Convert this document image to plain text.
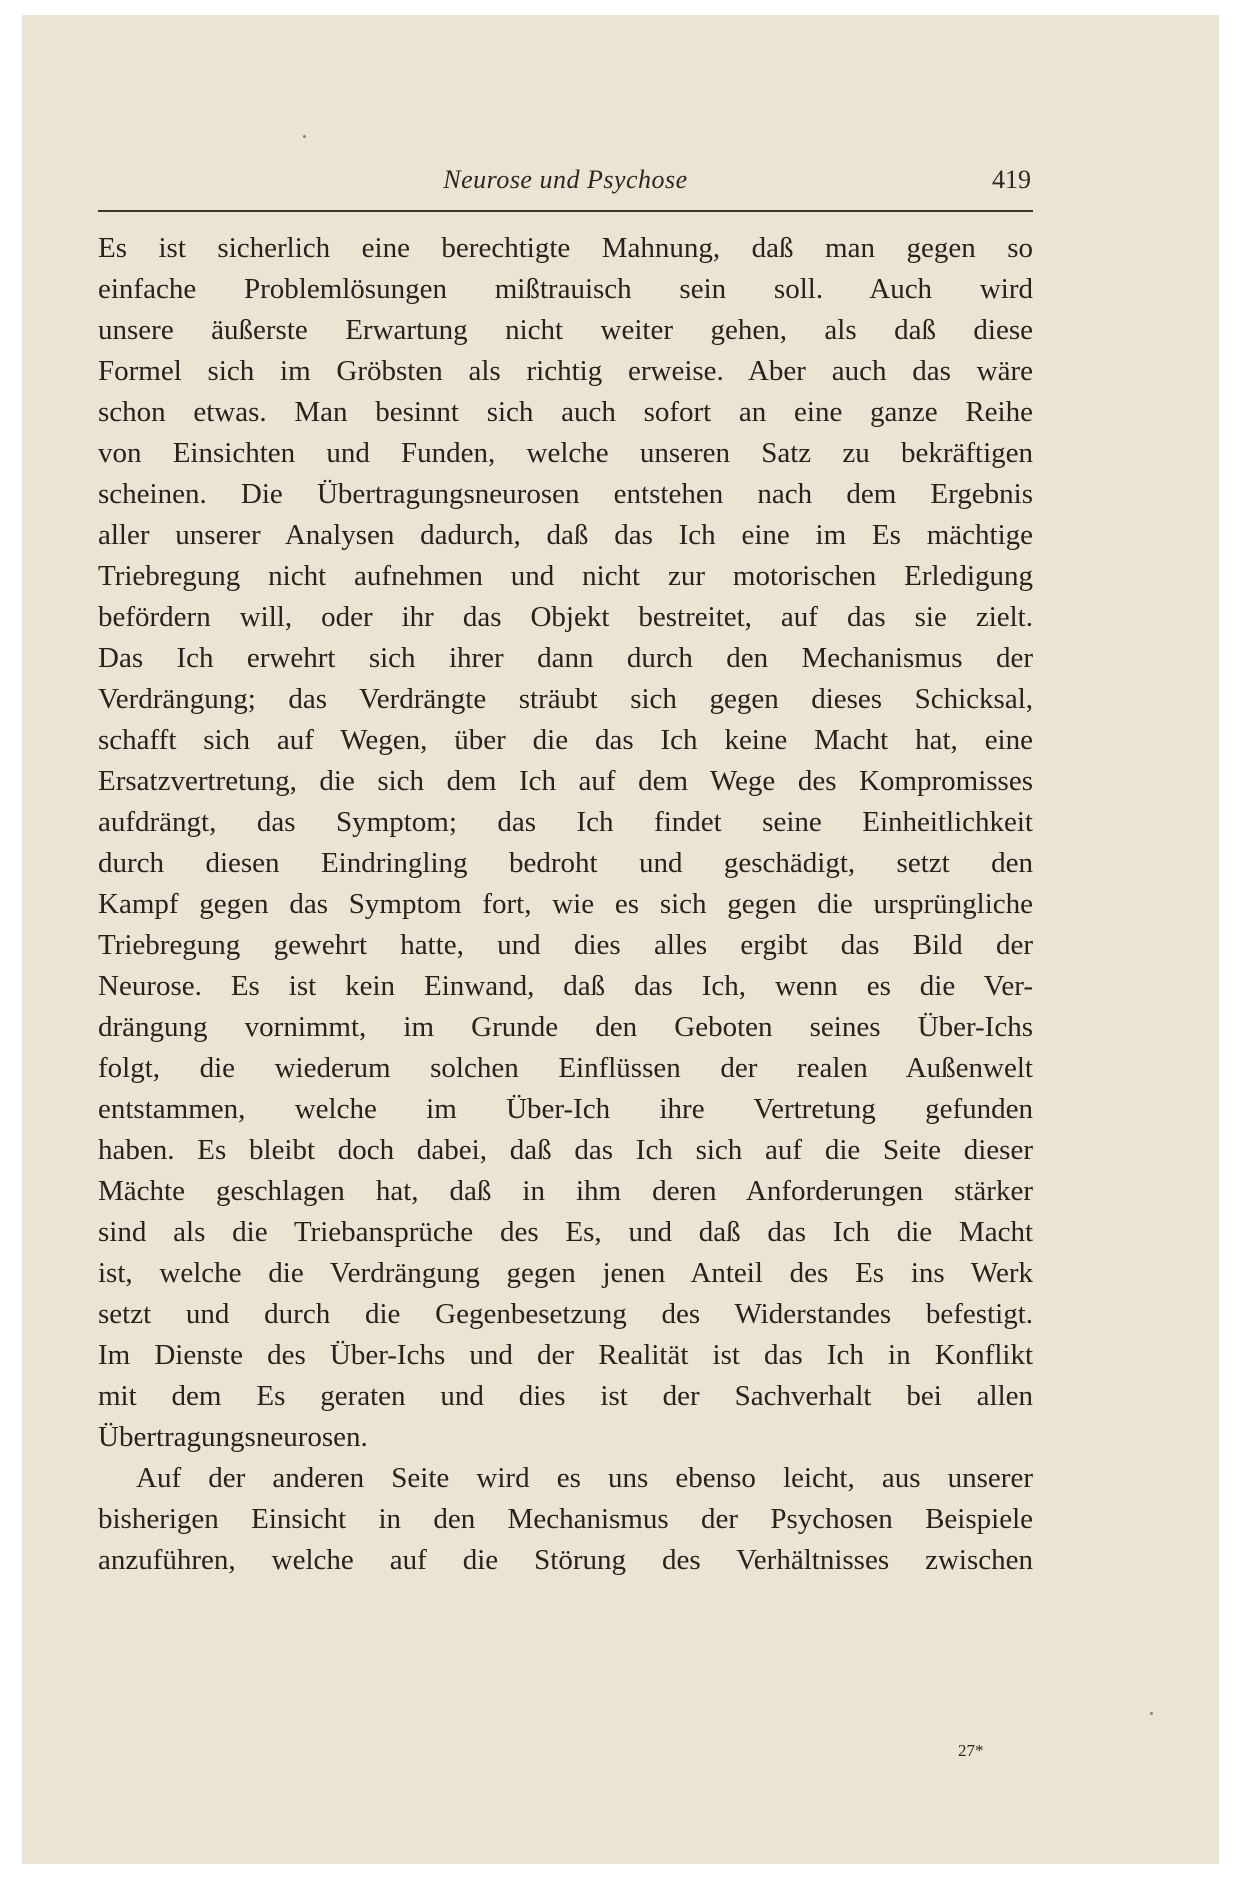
Neurose und Psychose	419
Es ist sicherlich eine berechtigte Mahnung, daß man gegen so
einfache Problemlösungen mißtrauisch sein soll. Auch wird
unsere äußerste Erwartung nicht weiter gehen, als daß diese
Formel sich im Gröbsten als richtig erweise. Aber auch das wäre
schon etwas. Man besinnt sich auch sofort an eine ganze Reihe
von Einsichten und Funden, welche unseren Satz zu bekräftigen
scheinen. Die Übertragungsneurosen entstehen nach dem Ergebnis
aller unserer Analysen dadurch, daß das Ich eine im Es mächtige
Triebregung nicht aufnehmen und nicht zur motorischen Erledigung
befördern will, oder ihr das Objekt bestreitet, auf das sie zielt.
Das Ich erwehrt sich ihrer dann durch den Mechanismus der
Verdrängung; das Verdrängte sträubt sich gegen dieses Schicksal,
schafft sich auf Wegen, über die das Ich keine Macht hat, eine
Ersatzvertretung, die sich dem Ich auf dem Wege des Kompromisses
aufdrängt, das Symptom; das Ich findet seine Einheitlichkeit
durch diesen Eindringling bedroht und geschädigt, setzt den
Kampf gegen das Symptom fort, wie es sich gegen die ursprüngliche
Triebregung gewehrt hatte, und dies alles ergibt das Bild der
Neurose. Es ist kein Einwand, daß das Ich, wenn es die Ver-
drängung vornimmt, im Grunde den Geboten seines Über-Ichs
folgt, die wiederum solchen Einflüssen der realen Außenwelt
entstammen, welche im Über-Ich ihre Vertretung gefunden
haben. Es bleibt doch dabei, daß das Ich sich auf die Seite dieser
Mächte geschlagen hat, daß in ihm deren Anforderungen stärker
sind als die Triebansprüche des Es, und daß das Ich die Macht
ist, welche die Verdrängung gegen jenen Anteil des Es ins Werk
setzt und durch die Gegenbesetzung des Widerstandes befestigt.
Im Dienste des Über-Ichs und der Realität ist das Ich in Konflikt
mit dem Es geraten und dies ist der Sachverhalt bei allen
Übertragungsneurosen.
Auf der anderen Seite wird es uns ebenso leicht, aus unserer
bisherigen Einsicht in den Mechanismus der Psychosen Beispiele
anzuführen, welche auf die Störung des Verhältnisses zwischen
27*
